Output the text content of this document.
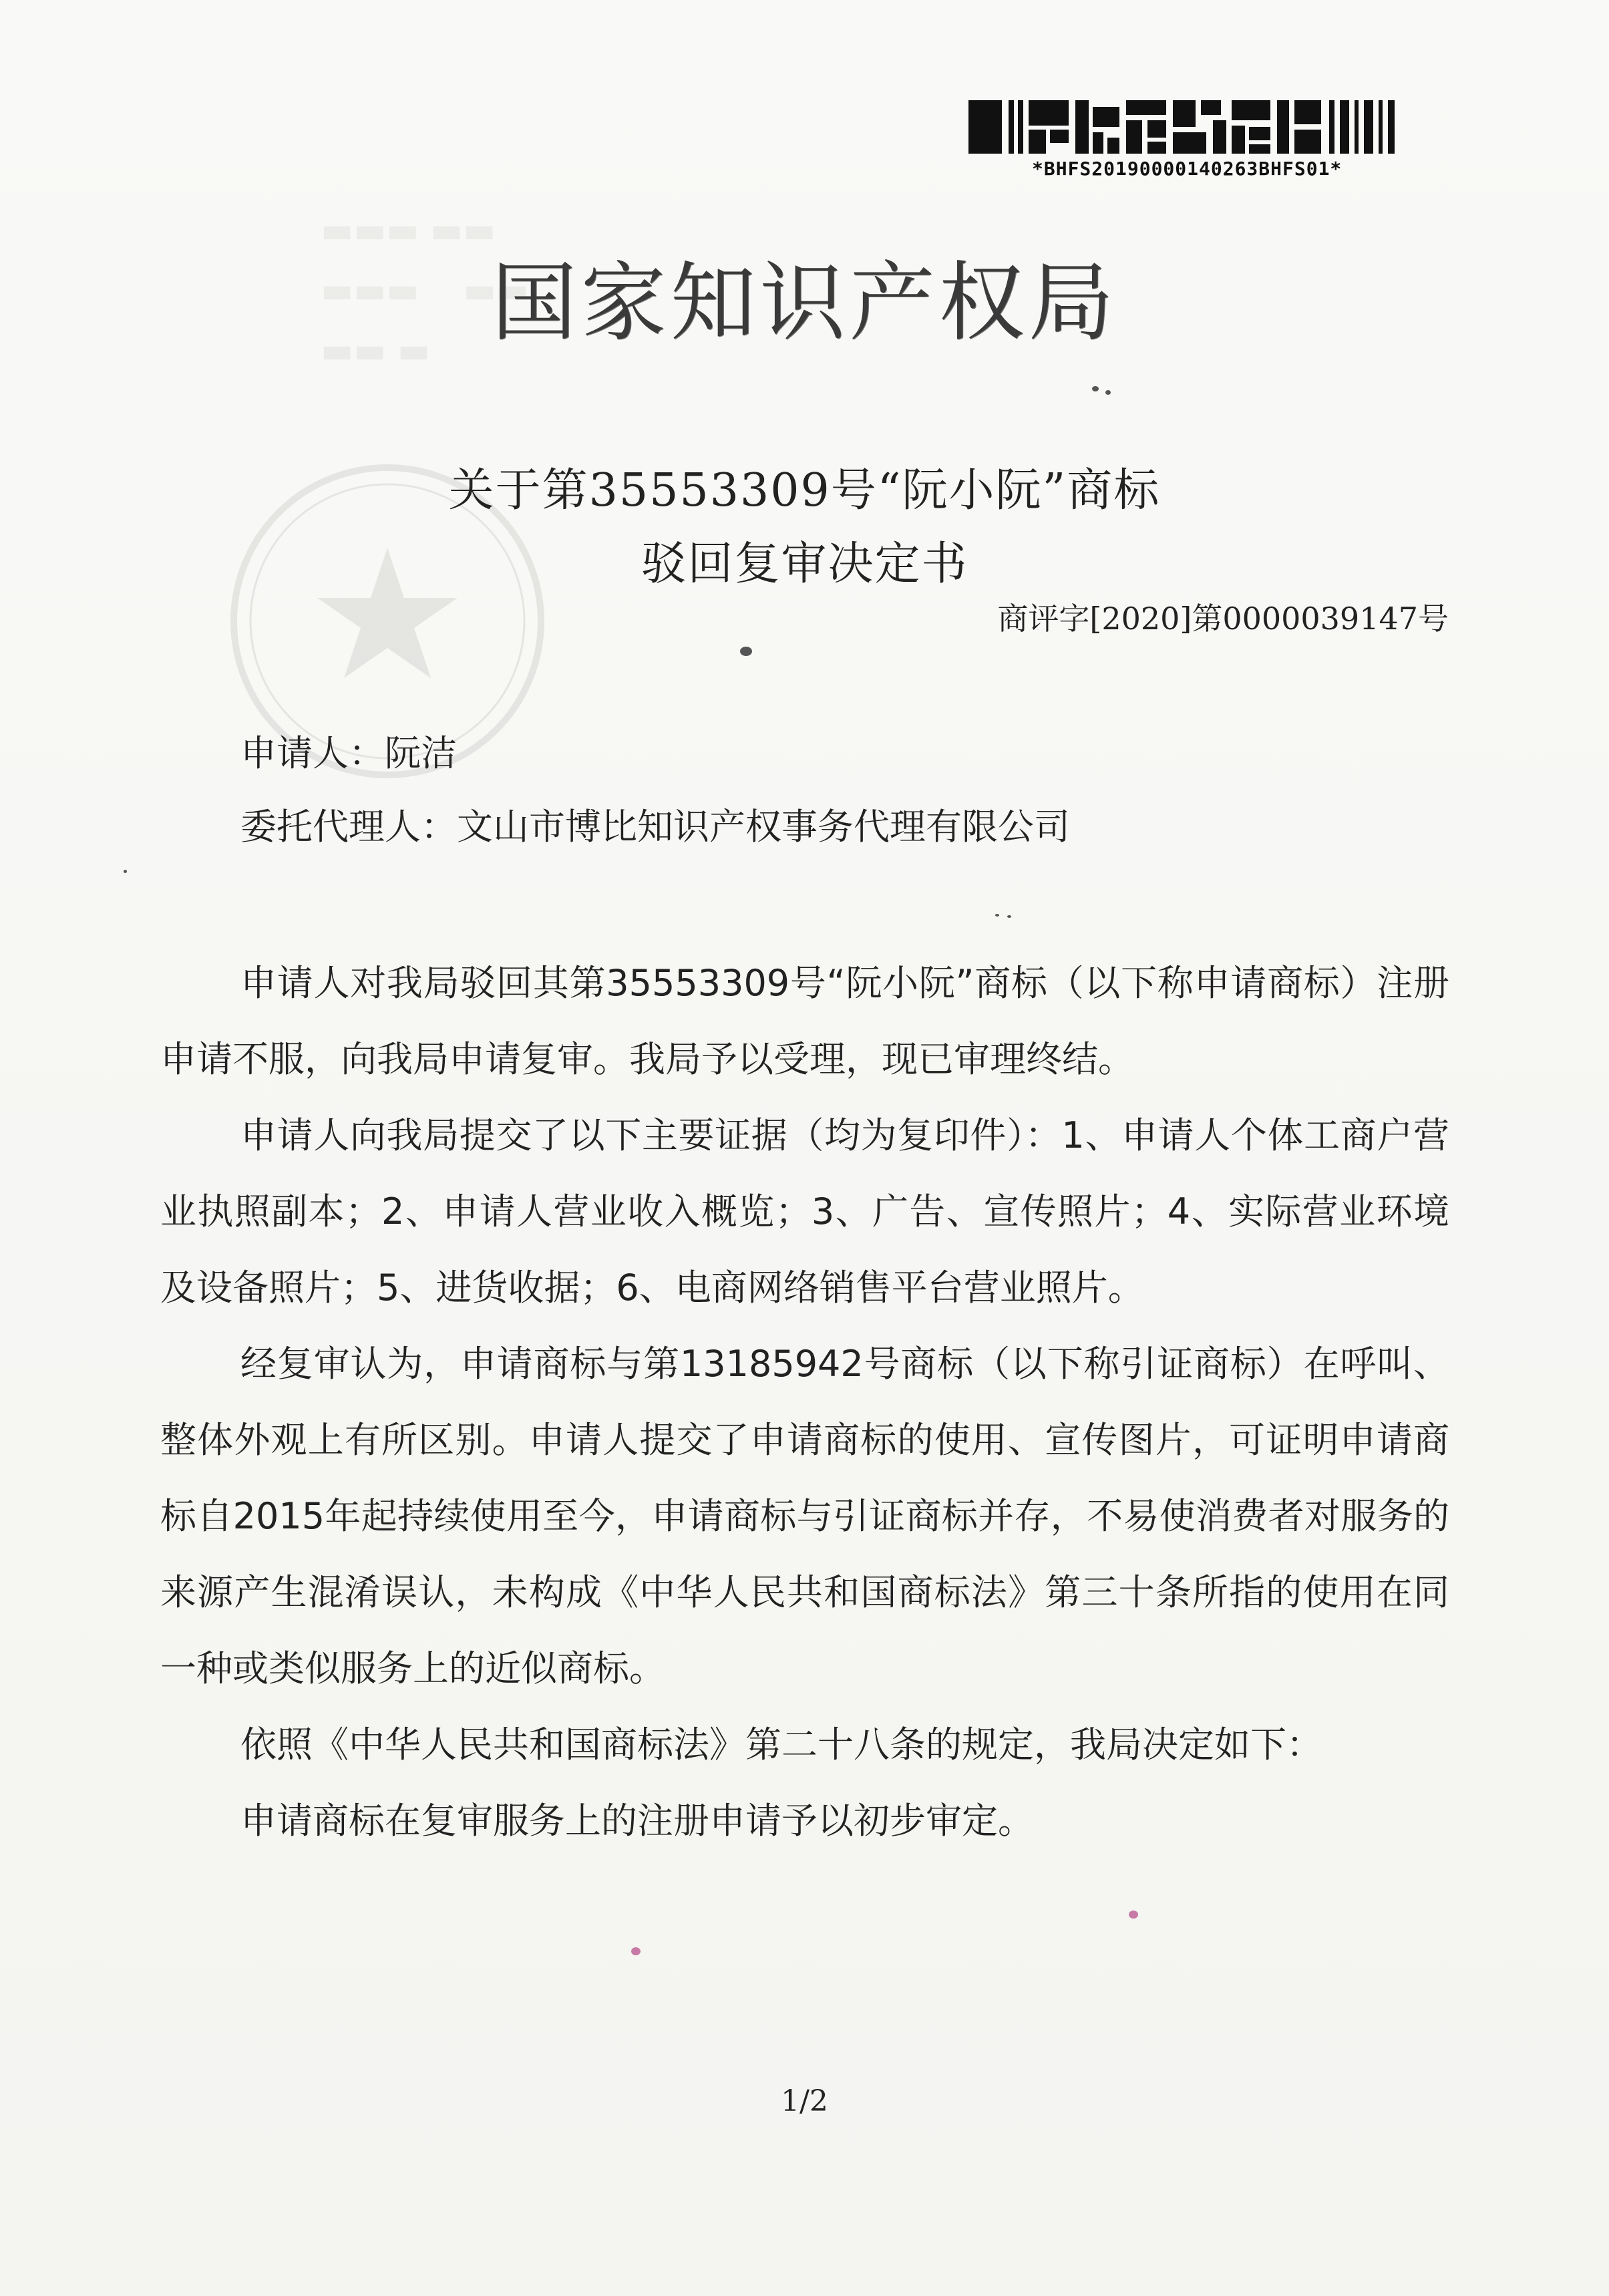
▬▬▬ ▬▬
▬▬▬    ▬▬
▬▬ ▬
*BHFS20190000140263BHFS01*
国家知识产权局
关于第35553309号“阮小阮”商标
驳回复审决定书
商评字[2020]第0000039147号
申请人：阮洁
委托代理人：文山市博比知识产权事务代理有限公司

申请人对我局驳回其第35553309号“阮小阮”商标（以下称申请商标）注册申请不服，向我局申请复审。我局予以受理，现已审理终结。

申请人向我局提交了以下主要证据（均为复印件）：1、申请人个体工商户营业执照副本；2、申请人营业收入概览；3、广告、宣传照片；4、实际营业环境及设备照片；5、进货收据；6、电商网络销售平台营业照片。

经复审认为，申请商标与第13185942号商标（以下称引证商标）在呼叫、整体外观上有所区别。申请人提交了申请商标的使用、宣传图片，可证明申请商标自2015年起持续使用至今，申请商标与引证商标并存，不易使消费者对服务的来源产生混淆误认，未构成《中华人民共和国商标法》第三十条所指的使用在同一种或类似服务上的近似商标。

依照《中华人民共和国商标法》第二十八条的规定，我局决定如下：

申请商标在复审服务上的注册申请予以初步审定。

1/2
